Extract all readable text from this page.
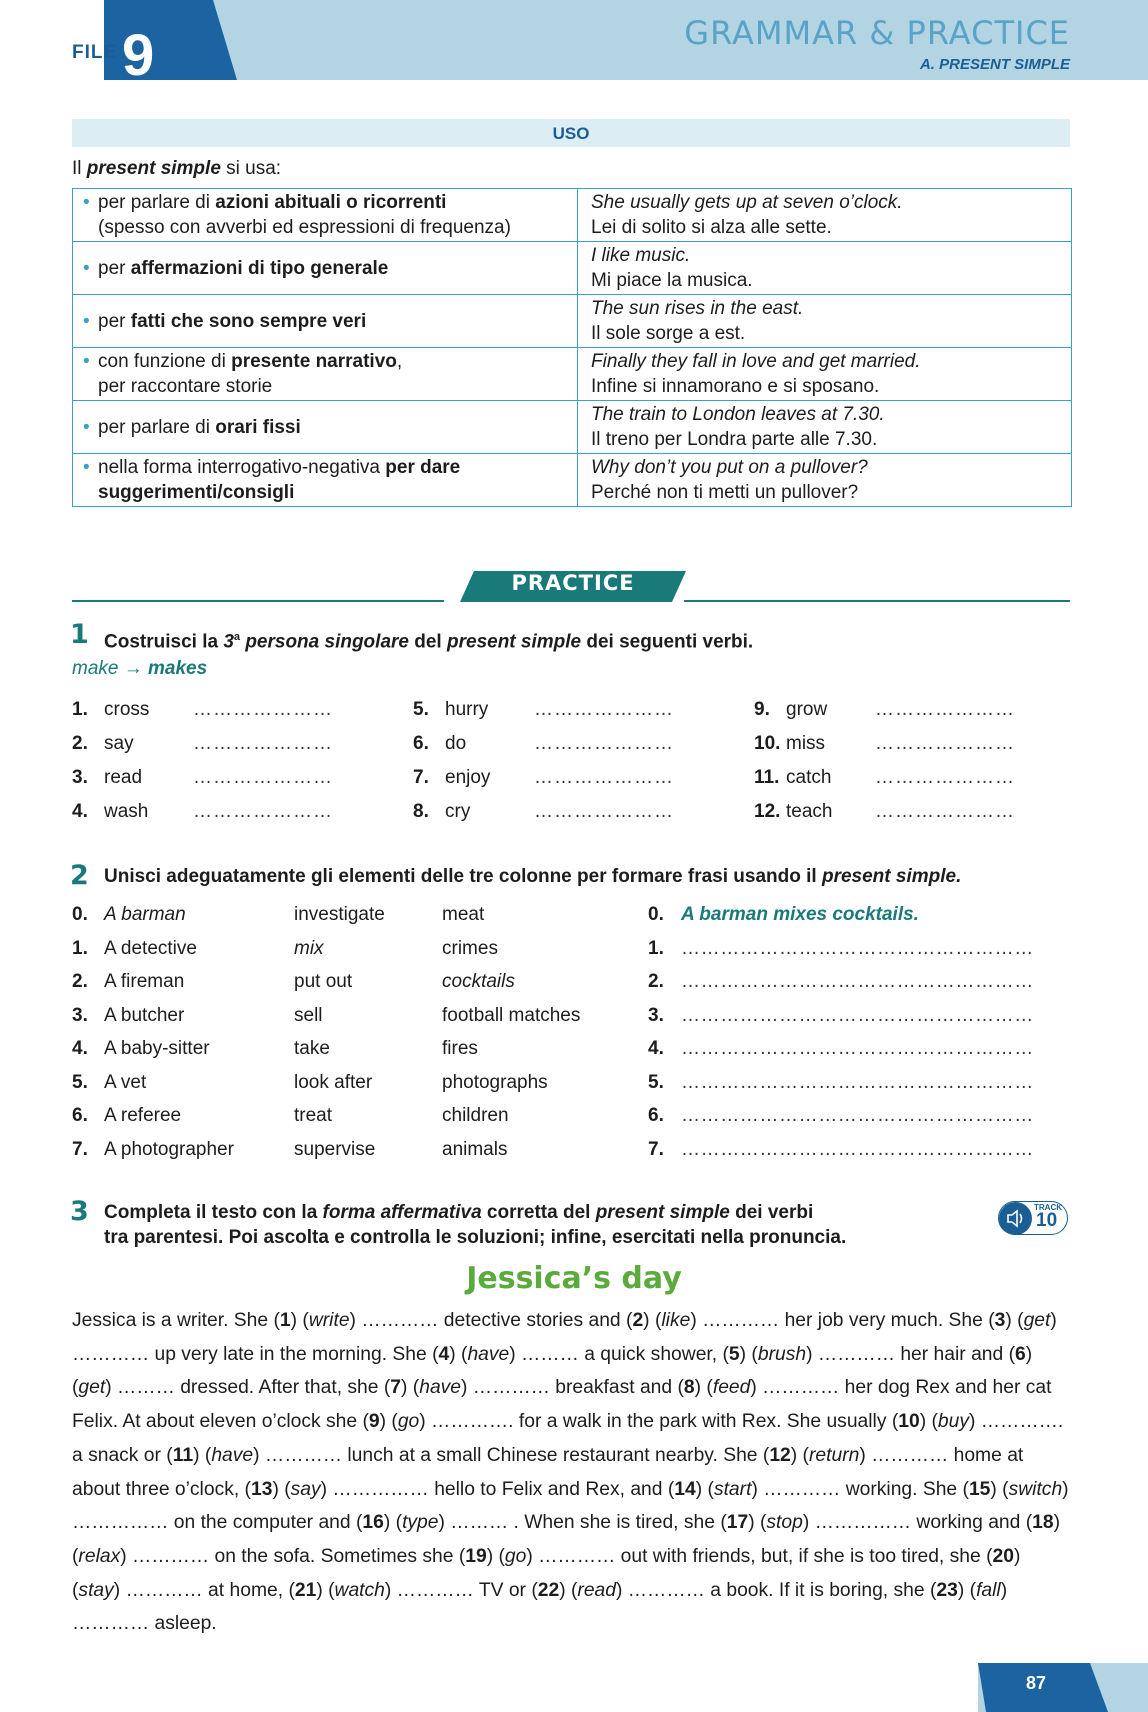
FILE 9	GRAMMAR & PRACTICE
A. PRESENT SIMPLE
USO
Il present simple si usa:
• per parlare di azioni abituali o ricorrenti
(spesso con avverbi ed espressioni di frequenza)	She usually gets up at seven o’clock.
Lei di solito si alza alle sette.

• per affermazioni di tipo generale	I like music.
Mi piace la musica.

• per fatti che sono sempre veri	The sun rises in the east.
Il sole sorge a est.

• con funzione di presente narrativo,
per raccontare storie	Finally they fall in love and get married.
Infine si innamorano e si sposano.

• per parlare di orari fissi	The train to London leaves at 7.30.
Il treno per Londra parte alle 7.30.

• nella forma interrogativo-negativa per dare
suggerimenti/consigli	Why don’t you put on a pullover?
Perché non ti metti un pullover?
PRACTICE
1 Costruisci la 3$^a$ persona singolare del present simple dei seguenti verbi.
make → makes
1. cross …………………
2. say	…………………
3. read	…………………
4. wash …………………
5. hurry …………………
6. do	…………………
7. enjoy …………………
8. cry	…………………
9. grow	…………………
10. miss	…………………
11. catch …………………
12. teach …………………
2 Unisci adeguatamente gli elementi delle tre colonne per formare frasi usando il present simple.
0. A barman	investigate	meat	0. A barman mixes cocktails.
1. A detective	mix	crimes	1. ………………………………………………
2. A fireman	put out	cocktails	2. ………………………………………………
3. A butcher	sell	football matches	3. ………………………………………………
4. A baby-sitter	take	fires	4. ………………………………………………
5. A vet	look after	photographs	5. ………………………………………………
6. A referee	treat	children	6. ………………………………………………
7. A photographer	supervise	animals	7. ………………………………………………
3 Completa il testo con la forma affermativa corretta del present simple dei verbi
tra parentesi. Poi ascolta e controlla le soluzioni; infine, esercitati nella pronuncia.
TRACK
10
Jessica’s day
Jessica is a writer. She (1) (write) ………… detective stories and (2) (like) ………… her job very much. She (3) (get) ………… up very late in the morning. She (4) (have) ……… a quick shower, (5) (brush) ………… her hair and (6) (get) ……… dressed. After that, she (7) (have) ………… breakfast and (8) (feed) ………… her dog Rex and her cat Felix. At about eleven o’clock she (9) (go) …………. for a walk in the park with Rex. She usually (10) (buy) …………. a snack or (11) (have) ………… lunch at a small Chinese restaurant nearby. She (12) (return) ………… home at about three o’clock, (13) (say) …………… hello to Felix and Rex, and (14) (start) ………… working. She (15) (switch) …………… on the computer and (16) (type) ……… . When she is tired, she (17) (stop) …………… working and (18) (relax) ………… on the sofa. Sometimes she (19) (go) ………… out with friends, but, if she is too tired, she (20) (stay) ………… at home, (21) (watch) ………… TV or (22) (read) ………… a book. If it is boring, she (23) (fall) ………… asleep.
87
